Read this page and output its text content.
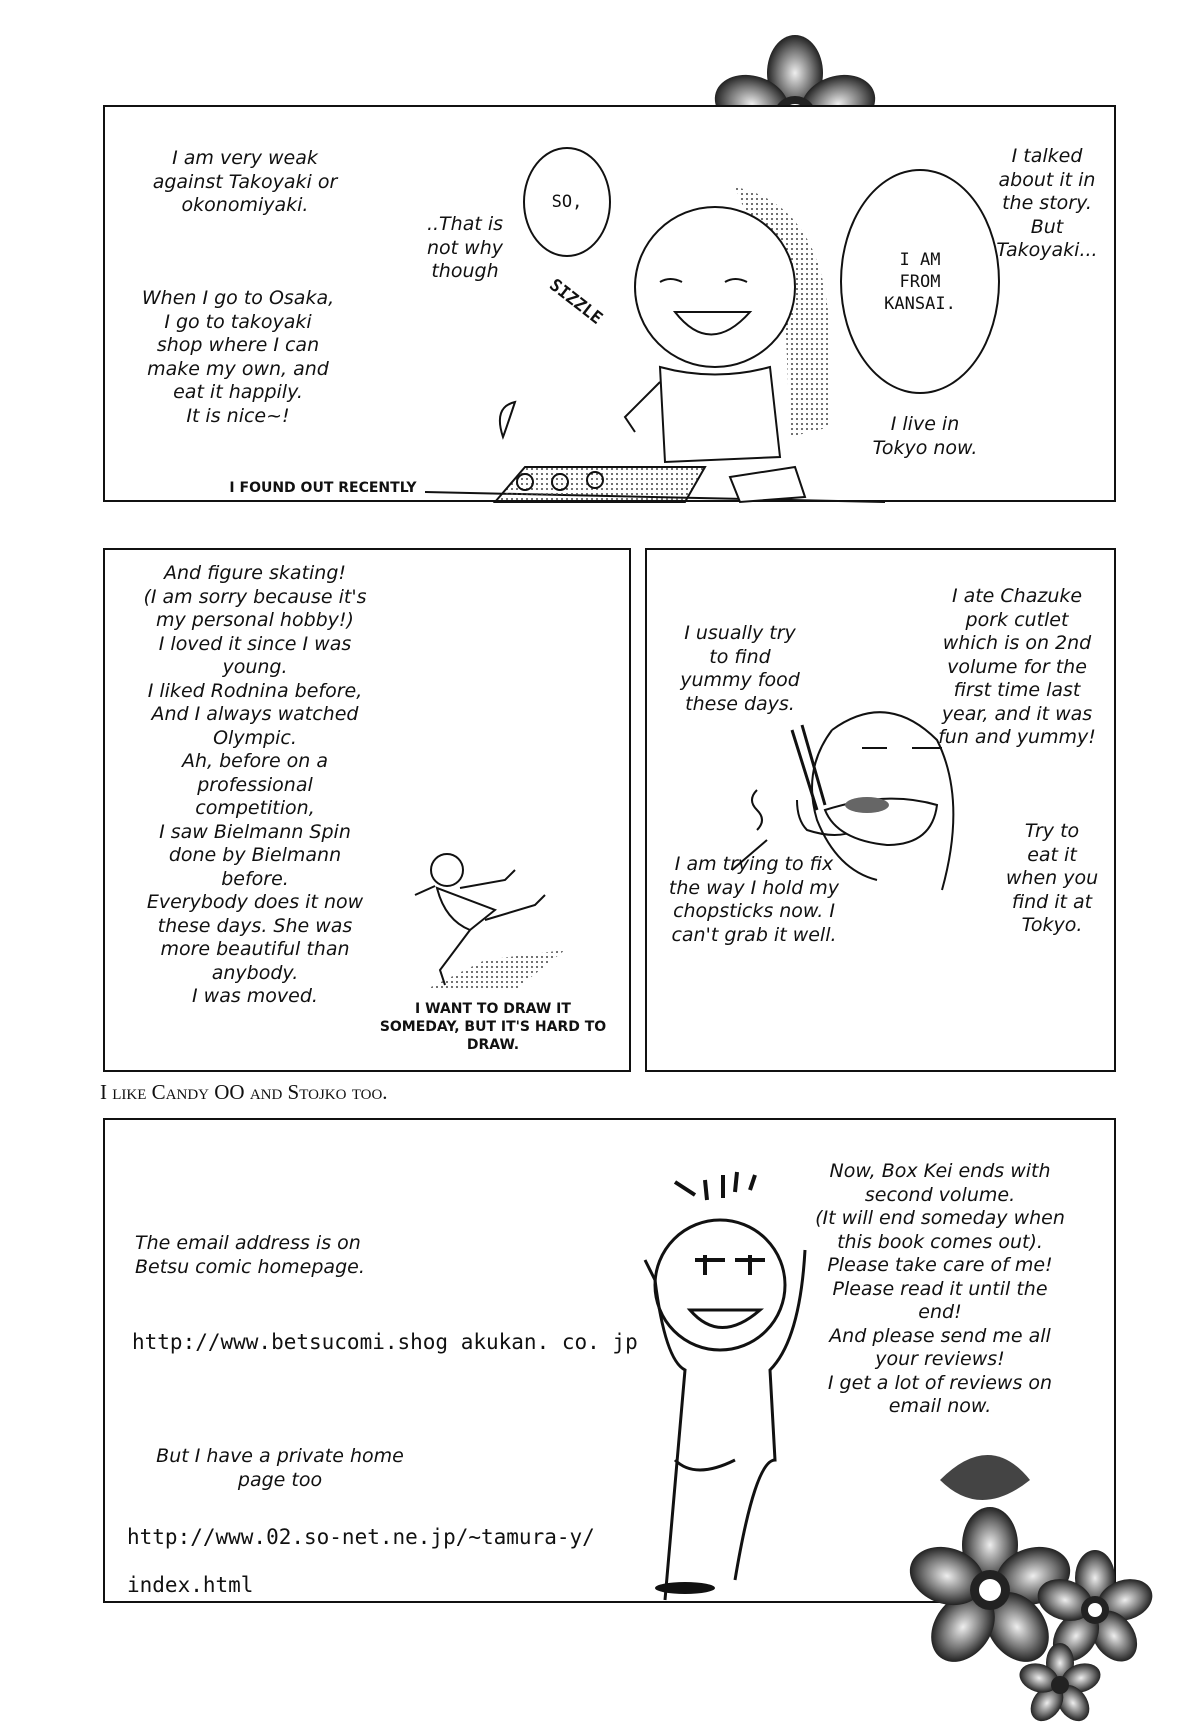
I am very weak
against Takoyaki or
okonomiyaki.
When I go to Osaka,
I go to takoyaki
shop where I can
make my own, and
eat it happily.
It is nice~!
..That is
not why
though
SO,
SIZZLE
I AM
FROM
KANSAI.
I talked
about it in
the story.
But
Takoyaki...
I live in
Tokyo now.
I FOUND OUT RECENTLY
And figure skating!
(I am sorry because it's
my personal hobby!)
I loved it since I was
young.
I liked Rodnina before,
And I always watched
Olympic.
Ah, before on a
professional
competition,
I saw Bielmann Spin
done by Bielmann
before.
Everybody does it now
these days. She was
more beautiful than
anybody.
I was moved.
I WANT TO DRAW IT
SOMEDAY, BUT IT'S HARD TO
DRAW.
I usually try
to find
yummy food
these days.
I ate Chazuke
pork cutlet
which is on 2nd
volume for the
first time last
year, and it was
fun and yummy!
I am trying to fix
the way I hold my
chopsticks now. I
can't grab it well.
Try to
eat it
when you
find it at
Tokyo.
I like Candy OO and Stojko too.
The email address is on
Betsu comic homepage.
http://www.betsucomi.shog akukan. co. jp
But I have a private home
page too
http://www.02.so-net.ne.jp/~tamura-y/
index.html
Now, Box Kei ends with
second volume.
(It will end someday when
this book comes out).
Please take care of me!
Please read it until the
end!
And please send me all
your reviews!
I get a lot of reviews on
email now.
